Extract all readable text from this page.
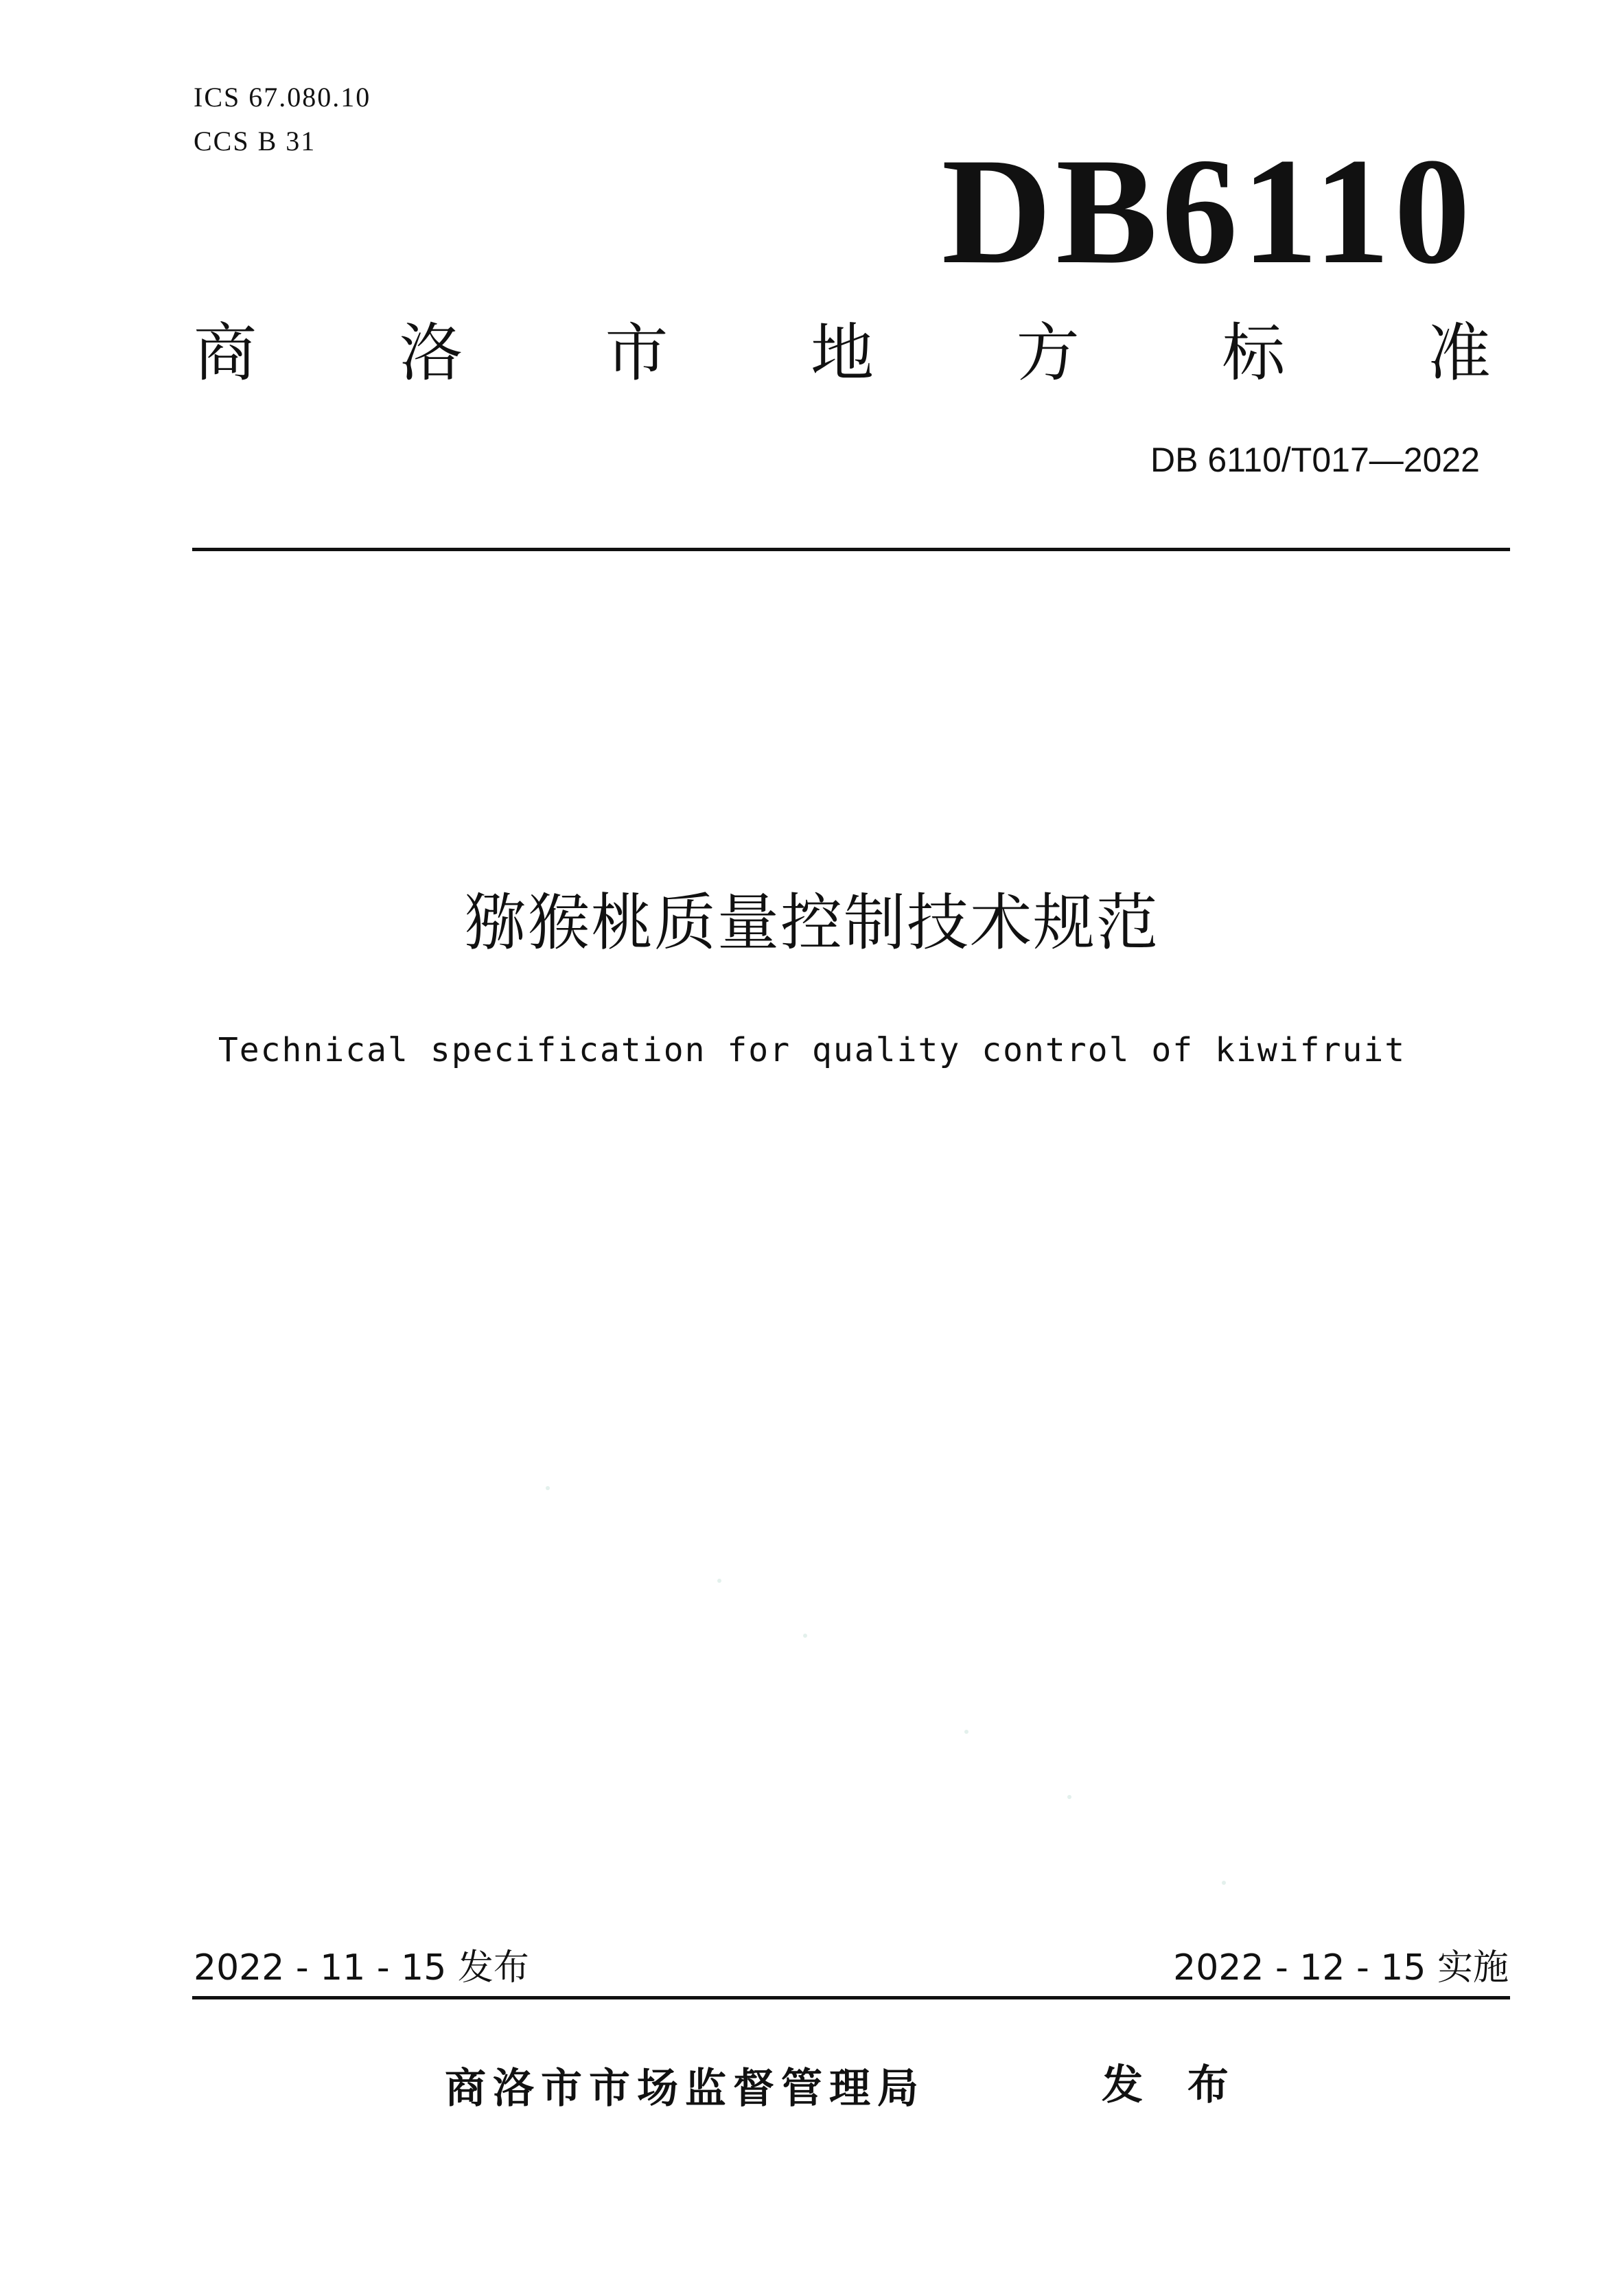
ICS 67.080.10
CCS B 31	DB6110
商 洛 市 地 方 标 准
DB 6110/T017—2022
猕猴桃质量控制技术规范
Technical specification for quality control of kiwifruit
2022 - 11 - 15 发布	2022 - 12 - 15 实施
商洛市市场监督管理局	发 布
